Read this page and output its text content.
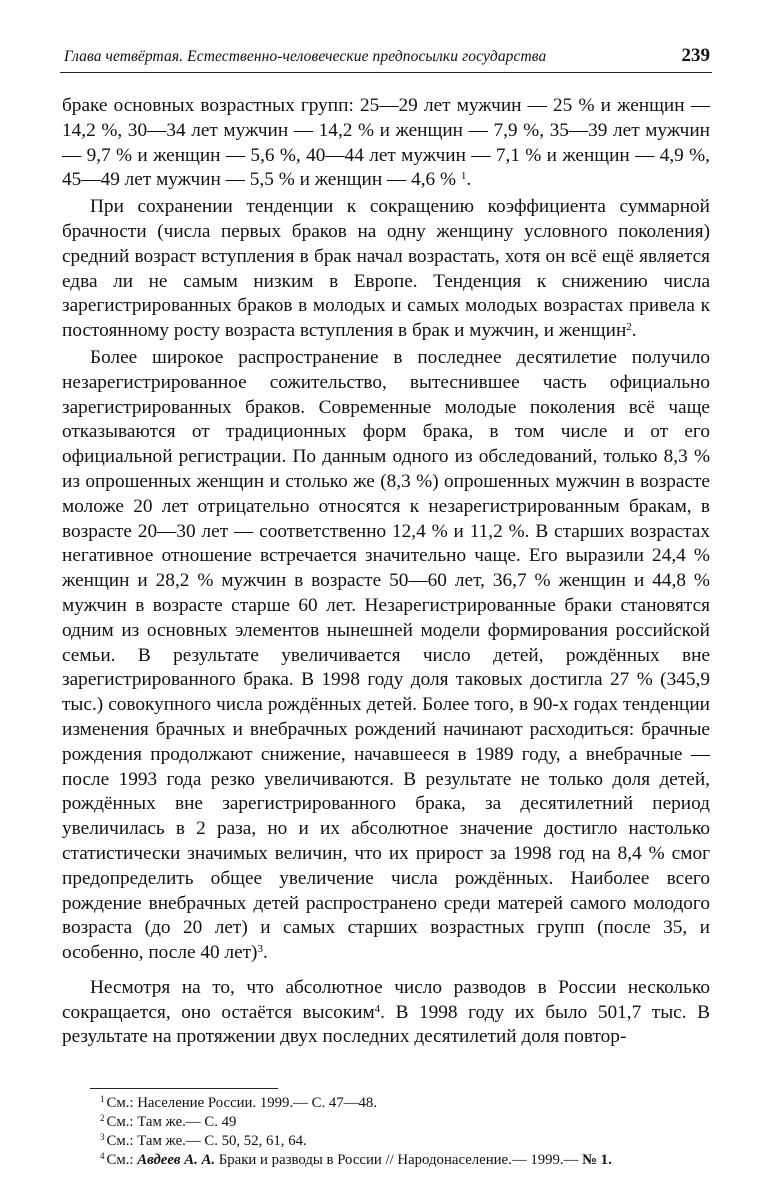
Глава четвёртая. Естественно-человеческие предпосылки государства	239

браке основных возрастных групп: 25—29 лет мужчин — 25 % и женщин — 14,2 %, 30—34 лет мужчин — 14,2 % и женщин — 7,9 %, 35—39 лет мужчин — 9,7 % и женщин — 5,6 %, 40—44 лет мужчин — 7,1 % и женщин — 4,9 %, 45—49 лет мужчин — 5,5 % и женщин — 4,6 % $^1$.

При сохранении тенденции к сокращению коэффициента суммарной брачности (числа первых браков на одну женщину условного поколения) средний возраст вступления в брак начал возрастать, хотя он всё ещё является едва ли не самым низким в Европе. Тенденция к снижению числа зарегистрированных браков в молодых и самых молодых возрастах привела к постоянному росту возраста вступления в брак и мужчин, и женщин$^2$.

Более широкое распространение в последнее десятилетие получило незарегистрированное сожительство, вытеснившее часть официально зарегистрированных браков. Современные молодые поколения всё чаще отказываются от традиционных форм брака, в том числе и от его официальной регистрации. По данным одного из обследований, только 8,3 % из опрошенных женщин и столько же (8,3 %) опрошенных мужчин в возрасте моложе 20 лет отрицательно относятся к незарегистрированным бракам, в возрасте 20—30 лет — соответственно 12,4 % и 11,2 %. В старших возрастах негативное отношение встречается значительно чаще. Его выразили 24,4 % женщин и 28,2 % мужчин в возрасте 50—60 лет, 36,7 % женщин и 44,8 % мужчин в возрасте старше 60 лет. Незарегистрированные браки становятся одним из основных элементов нынешней модели формирования российской семьи. В результате увеличивается число детей, рождённых вне зарегистрированного брака. В 1998 году доля таковых достигла 27 % (345,9 тыс.) совокупного числа рождённых детей. Более того, в 90-х годах тенденции изменения брачных и внебрачных рождений начинают расходиться: брачные рождения продолжают снижение, начавшееся в 1989 году, а внебрачные — после 1993 года резко увеличиваются. В результате не только доля детей, рождённых вне зарегистрированного брака, за десятилетний период увеличилась в 2 раза, но и их абсолютное значение достигло настолько статистически значимых величин, что их прирост за 1998 год на 8,4 % смог предопределить общее увеличение числа рождённых. Наиболее всего рождение внебрачных детей распространено среди матерей самого молодого возраста (до 20 лет) и самых старших возрастных групп (после 35, и особенно, после 40 лет)$^3$.

Несмотря на то, что абсолютное число разводов в России несколько сокращается, оно остаётся высоким$^4$. В 1998 году их было 501,7 тыс. В результате на протяжении двух последних десятилетий доля повтор-

$^1$ См.: Население России. 1999.— С. 47—48.
$^2$ См.: Там же.— С. 49
$^3$ См.: Там же.— С. 50, 52, 61, 64.
$^4$ См.: Авдеев А. А. Браки и разводы в России // Народонаселение.— 1999.— № 1.
